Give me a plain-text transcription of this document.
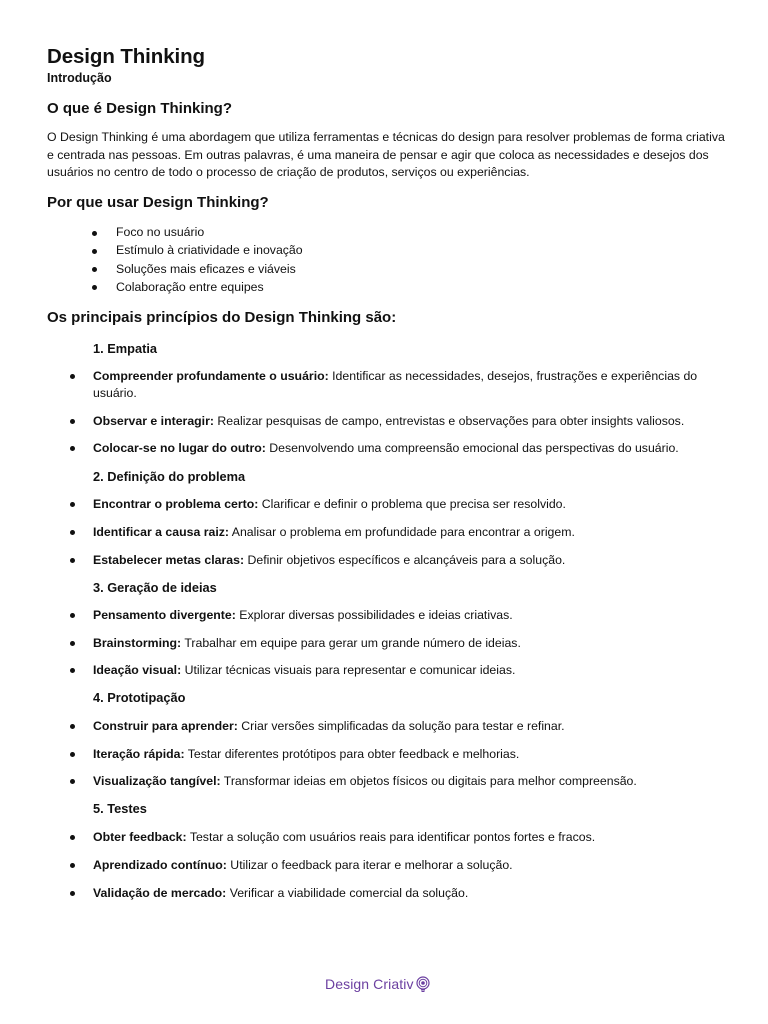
Design Thinking
Introdução
O que é Design Thinking?

O Design Thinking é uma abordagem que utiliza ferramentas e técnicas do design para resolver problemas de forma criativa e centrada nas pessoas. Em outras palavras, é uma maneira de pensar e agir que coloca as necessidades e desejos dos usuários no centro de todo o processo de criação de produtos, serviços ou experiências.

Por que usar Design Thinking?
Foco no usuário
Estímulo à criatividade e inovação
Soluções mais eficazes e viáveis
Colaboração entre equipes
Os principais princípios do Design Thinking são:
1. Empatia

Compreender profundamente o usuário: Identificar as necessidades, desejos, frustrações e experiências do usuário.

Observar e interagir: Realizar pesquisas de campo, entrevistas e observações para obter insights valiosos.

Colocar-se no lugar do outro: Desenvolvendo uma compreensão emocional das perspectivas do usuário.

2. Definição do problema

Encontrar o problema certo: Clarificar e definir o problema que precisa ser resolvido.

Identificar a causa raiz: Analisar o problema em profundidade para encontrar a origem.

Estabelecer metas claras: Definir objetivos específicos e alcançáveis para a solução.

3. Geração de ideias

Pensamento divergente: Explorar diversas possibilidades e ideias criativas.

Brainstorming: Trabalhar em equipe para gerar um grande número de ideias.

Ideação visual: Utilizar técnicas visuais para representar e comunicar ideias.

4. Prototipação

Construir para aprender: Criar versões simplificadas da solução para testar e refinar.

Iteração rápida: Testar diferentes protótipos para obter feedback e melhorias.

Visualização tangível: Transformar ideias em objetos físicos ou digitais para melhor compreensão.

5. Testes

Obter feedback: Testar a solução com usuários reais para identificar pontos fortes e fracos.

Aprendizado contínuo: Utilizar o feedback para iterar e melhorar a solução.

Validação de mercado: Verificar a viabilidade comercial da solução.

Design Criativ
